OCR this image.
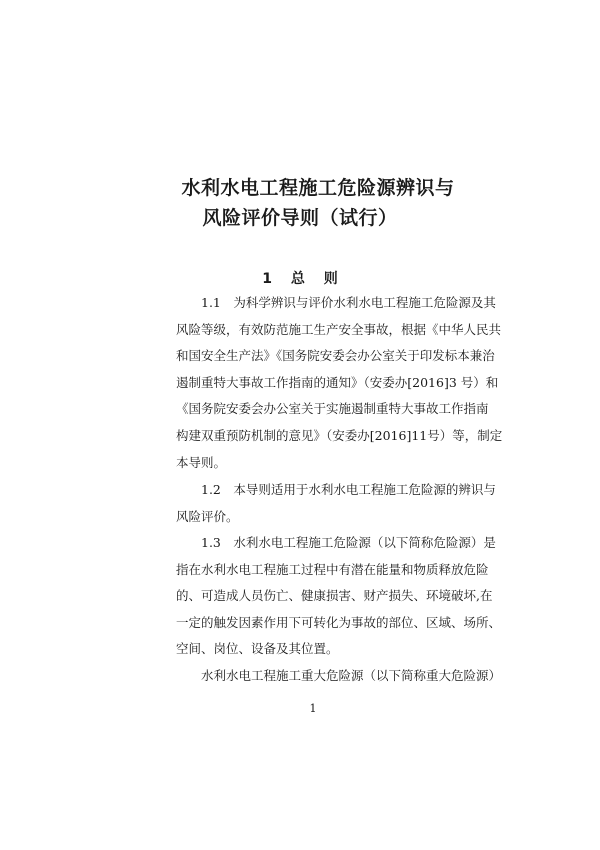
水利水电工程施工危险源辨识与
风险评价导则（试行）
1 总 则
1.1　为科学辨识与评价水利水电工程施工危险源及其
风险等级，有效防范施工生产安全事故，根据《中华人民共
和国安全生产法》《国务院安委会办公室关于印发标本兼治
遏制重特大事故工作指南的通知》（安委办[2016]3 号）和
《国务院安委会办公室关于实施遏制重特大事故工作指南
构建双重预防机制的意见》（安委办[2016]11号）等，制定
本导则。
1.2　本导则适用于水利水电工程施工危险源的辨识与
风险评价。
1.3　水利水电工程施工危险源（以下简称危险源）是
指在水利水电工程施工过程中有潜在能量和物质释放危险
的、可造成人员伤亡、健康损害、财产损失、环境破坏,在
一定的触发因素作用下可转化为事故的部位、区域、场所、
空间、岗位、设备及其位置。
水利水电工程施工重大危险源（以下简称重大危险源）
1
